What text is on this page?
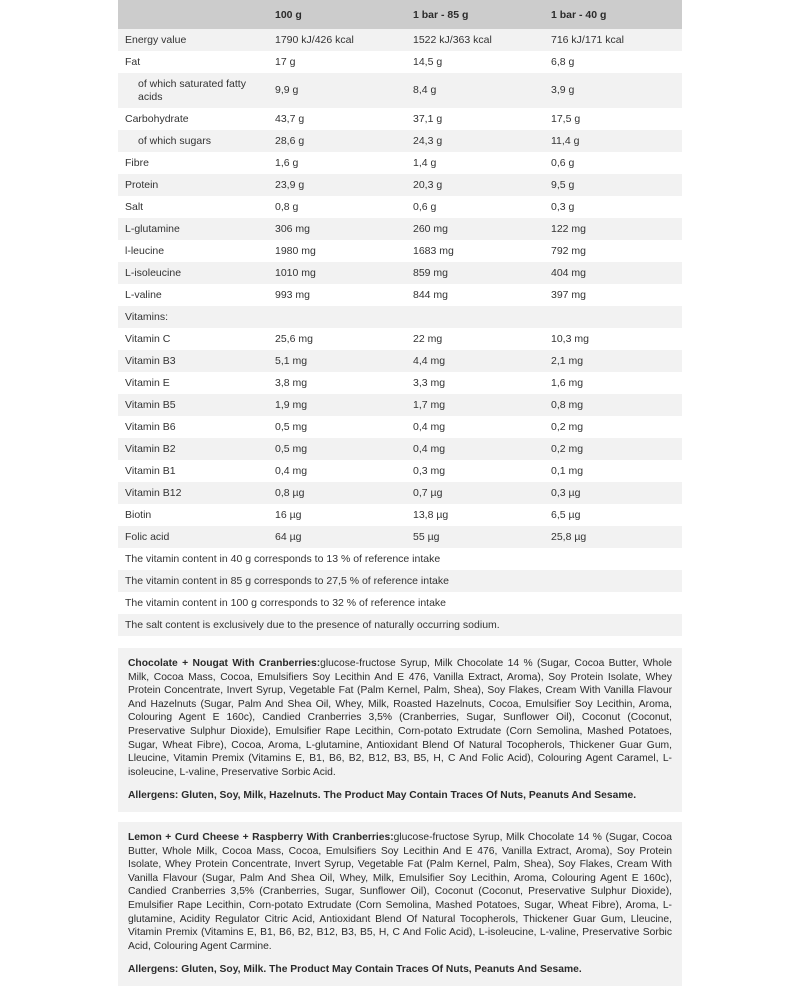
	100 g	1 bar - 85 g	1 bar - 40 g
Energy value	1790 kJ/426 kcal	1522 kJ/363 kcal	716 kJ/171 kcal
Fat	17 g	14,5 g	6,8 g
of which saturated fatty acids	9,9 g	8,4 g	3,9 g
Carbohydrate	43,7 g	37,1 g	17,5 g
of which sugars	28,6 g	24,3 g	11,4 g
Fibre	1,6 g	1,4 g	0,6 g
Protein	23,9 g	20,3 g	9,5 g
Salt	0,8 g	0,6 g	0,3 g
L-glutamine	306 mg	260 mg	122 mg
l-leucine	1980 mg	1683 mg	792 mg
L-isoleucine	1010 mg	859 mg	404 mg
L-valine	993 mg	844 mg	397 mg
Vitamins:			
Vitamin C	25,6 mg	22 mg	10,3 mg
Vitamin B3	5,1 mg	4,4 mg	2,1 mg
Vitamin E	3,8 mg	3,3 mg	1,6 mg
Vitamin B5	1,9 mg	1,7 mg	0,8 mg
Vitamin B6	0,5 mg	0,4 mg	0,2 mg
Vitamin B2	0,5 mg	0,4 mg	0,2 mg
Vitamin B1	0,4 mg	0,3 mg	0,1 mg
Vitamin B12	0,8 µg	0,7 µg	0,3 µg
Biotin	16 µg	13,8 µg	6,5 µg
Folic acid	64 µg	55 µg	25,8 µg
The vitamin content in 40 g corresponds to 13 % of reference intake			
The vitamin content in 85 g corresponds to 27,5 % of reference intake			
The vitamin content in 100 g corresponds to 32 % of reference intake			
The salt content is exclusively due to the presence of naturally occurring sodium.			

Chocolate + Nougat With Cranberries:glucose-fructose Syrup, Milk Chocolate 14 % (Sugar, Cocoa Butter, Whole Milk, Cocoa Mass, Cocoa, Emulsifiers Soy Lecithin And E 476, Vanilla Extract, Aroma), Soy Protein Isolate, Whey Protein Concentrate, Invert Syrup, Vegetable Fat (Palm Kernel, Palm, Shea), Soy Flakes, Cream With Vanilla Flavour And Hazelnuts (Sugar, Palm And Shea Oil, Whey, Milk, Roasted Hazelnuts, Cocoa, Emulsifier Soy Lecithin, Aroma, Colouring Agent E 160c), Candied Cranberries 3,5% (Cranberries, Sugar, Sunflower Oil), Coconut (Coconut, Preservative Sulphur Dioxide), Emulsifier Rape Lecithin, Corn-potato Extrudate (Corn Semolina, Mashed Potatoes, Sugar, Wheat Fibre), Cocoa, Aroma, L-glutamine, Antioxidant Blend Of Natural Tocopherols, Thickener Guar Gum, Lleucine, Vitamin Premix (Vitamins E, B1, B6, B2, B12, B3, B5, H, C And Folic Acid), Colouring Agent Caramel, L-isoleucine, L-valine, Preservative Sorbic Acid.

Allergens: Gluten, Soy, Milk, Hazelnuts. The Product May Contain Traces Of Nuts, Peanuts And Sesame.

Lemon + Curd Cheese + Raspberry With Cranberries:glucose-fructose Syrup, Milk Chocolate 14 % (Sugar, Cocoa Butter, Whole Milk, Cocoa Mass, Cocoa, Emulsifiers Soy Lecithin And E 476, Vanilla Extract, Aroma), Soy Protein Isolate, Whey Protein Concentrate, Invert Syrup, Vegetable Fat (Palm Kernel, Palm, Shea), Soy Flakes, Cream With Vanilla Flavour (Sugar, Palm And Shea Oil, Whey, Milk, Emulsifier Soy Lecithin, Aroma, Colouring Agent E 160c), Candied Cranberries 3,5% (Cranberries, Sugar, Sunflower Oil), Coconut (Coconut, Preservative Sulphur Dioxide), Emulsifier Rape Lecithin, Corn-potato Extrudate (Corn Semolina, Mashed Potatoes, Sugar, Wheat Fibre), Aroma, L-glutamine, Acidity Regulator Citric Acid, Antioxidant Blend Of Natural Tocopherols, Thickener Guar Gum, Lleucine, Vitamin Premix (Vitamins E, B1, B6, B2, B12, B3, B5, H, C And Folic Acid), L-isoleucine, L-valine, Preservative Sorbic Acid, Colouring Agent Carmine.

Allergens: Gluten, Soy, Milk. The Product May Contain Traces Of Nuts, Peanuts And Sesame.
